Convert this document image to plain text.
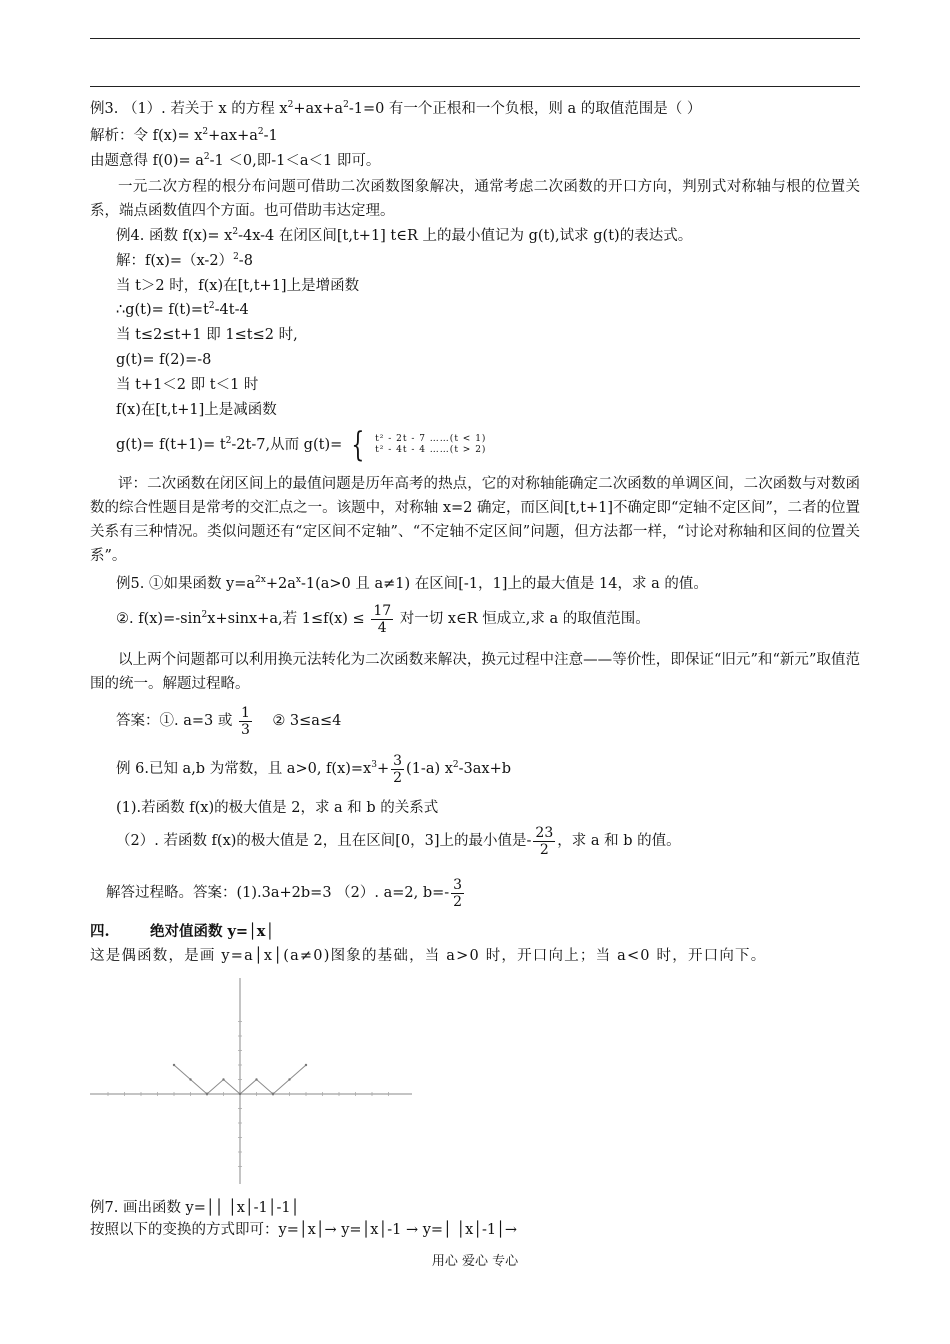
例3. （1）. 若关于 x 的方程 $x^2+ax+a^2-1=0$ 有一个正根和一个负根，则 a 的取值范围是（ ）
解析：令 $f(x)= x^2+ax+a^2-1$
由题意得 $f(0)= a^2-1 <0$,即-1＜a＜1 即可。
一元二次方程的根分布问题可借助二次函数图象解决，通常考虑二次函数的开口方向，判别式对称轴与根的位置关系，端点函数值四个方面。也可借助韦达定理。
例4. 函数 $f(x)= x^2-4x-4$ 在闭区间[t,t+1] t∈R 上的最小值记为 g(t),试求 g(t)的表达式。
解：$f(x)=(x-2)^2-8$
当 t＞2 时，f(x)在[t,t+1]上是增函数
∴g(t)= $f(t)=t^2-4t-4$
当 t≤2≤t+1 即 1≤t≤2 时,
g(t)= f(2)=-8
当 t+1＜2 即 t＜1 时
f(x)在[t,t+1]上是减函数
$g(t)= f(t+1)= t^2-2t-7$,从而 g(t)= { t² - 2t - 7 ……(t < 1)
t² - 4t - 4 ……(t > 2)
评：二次函数在闭区间上的最值问题是历年高考的热点，它的对称轴能确定二次函数的单调区间，二次函数与对数函数的综合性题目是常考的交汇点之一。该题中，对称轴 x=2 确定，而区间[t,t+1]不确定即“定轴不定区间”，二者的位置关系有三种情况。类似问题还有“定区间不定轴”、“不定轴不定区间”问题，但方法都一样，“讨论对称轴和区间的位置关系”。
例5. ①如果函数 $y=a^{2x}+2a^x-1(a>0$ 且 a≠1) 在区间[-1，1]上的最大值是 14，求 a 的值。
②. $f(x)=-\sin^2x+\sin x+a$,若 $1\le f(x) \le \frac{17}{4}$ 对一切 x∈R 恒成立,求 a 的取值范围。
以上两个问题都可以利用换元法转化为二次函数来解决，换元过程中注意——等价性，即保证“旧元”和“新元”取值范围的统一。解题过程略。
答案：①. a=3 或 $\frac{1}{3}$ ② 3≤a≤4
例 6.已知 a,b 为常数，且 a>0, $f(x)=x^3+ \frac{3}{2} (1-a)$ $x^2-3ax+b$
(1).若函数 f(x)的极大值是 2，求 a 和 b 的关系式
（2）. 若函数 f(x)的极大值是 2，且在区间[0，3]上的最小值是- $\frac{23}{2}$ ，求 a 和 b 的值。
解答过程略。答案：(1).3a+2b=3 （2）. a=2, $b=- \frac{3}{2}$
四.	绝对值函数 y=│x│
这是偶函数，是画 y=a│x│(a≠0)图象的基础，当 a>0 时，开口向上；当 a<0 时，开口向下。
例7. 画出函数 y=││ │x│-1│-1│
按照以下的变换的方式即可：y=│x│→ y=│x│-1 → y=│ │x│-1│→
用心 爱心 专心
